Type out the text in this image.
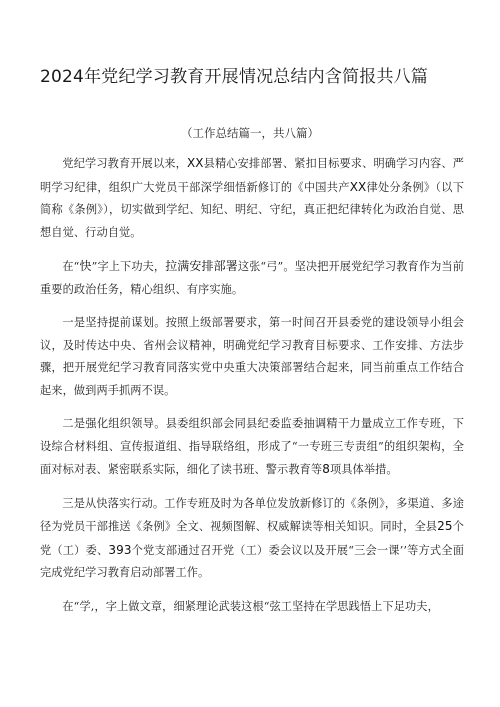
2024年党纪学习教育开展情况总结内含简报共八篇
（工作总结篇一，共八篇）

党纪学习教育开展以来，XX县精心安排部署、紧扣目标要求、明确学习内容、严明学习纪律，组织广大党员干部深学细悟新修订的《中国共产XX律处分条例》（以下简称《条例》），切实做到学纪、知纪、明纪、守纪，真正把纪律转化为政治自觉、思想自觉、行动自觉。

在“快”字上下功夫，拉满安排部署这张“弓”。坚决把开展党纪学习教育作为当前重要的政治任务，精心组织、有序实施。

一是坚持提前谋划。按照上级部署要求，第一时间召开县委党的建设领导小组会议，及时传达中央、省州会议精神，明确党纪学习教育目标要求、工作安排、方法步骤，把开展党纪学习教育同落实党中央重大决策部署结合起来，同当前重点工作结合起来，做到两手抓两不误。

二是强化组织领导。县委组织部会同县纪委监委抽调精干力量成立工作专班，下设综合材料组、宣传报道组、指导联络组，形成了“一专班三专责组”的组织架构，全面对标对表、紧密联系实际，细化了读书班、警示教育等8项具体举措。

三是从快落实行动。工作专班及时为各单位发放新修订的《条例》，多渠道、多途径为党员干部推送《条例》全文、视频图解、权威解读等相关知识。同时，全县25个党（工）委、393个党支部通过召开党（工）委会议以及开展“三会一课’’等方式全面完成党纪学习教育启动部署工作。

在“学,，字上做文章，细紧理论武装这根“弦工坚持在学思践悟上下足功夫，
